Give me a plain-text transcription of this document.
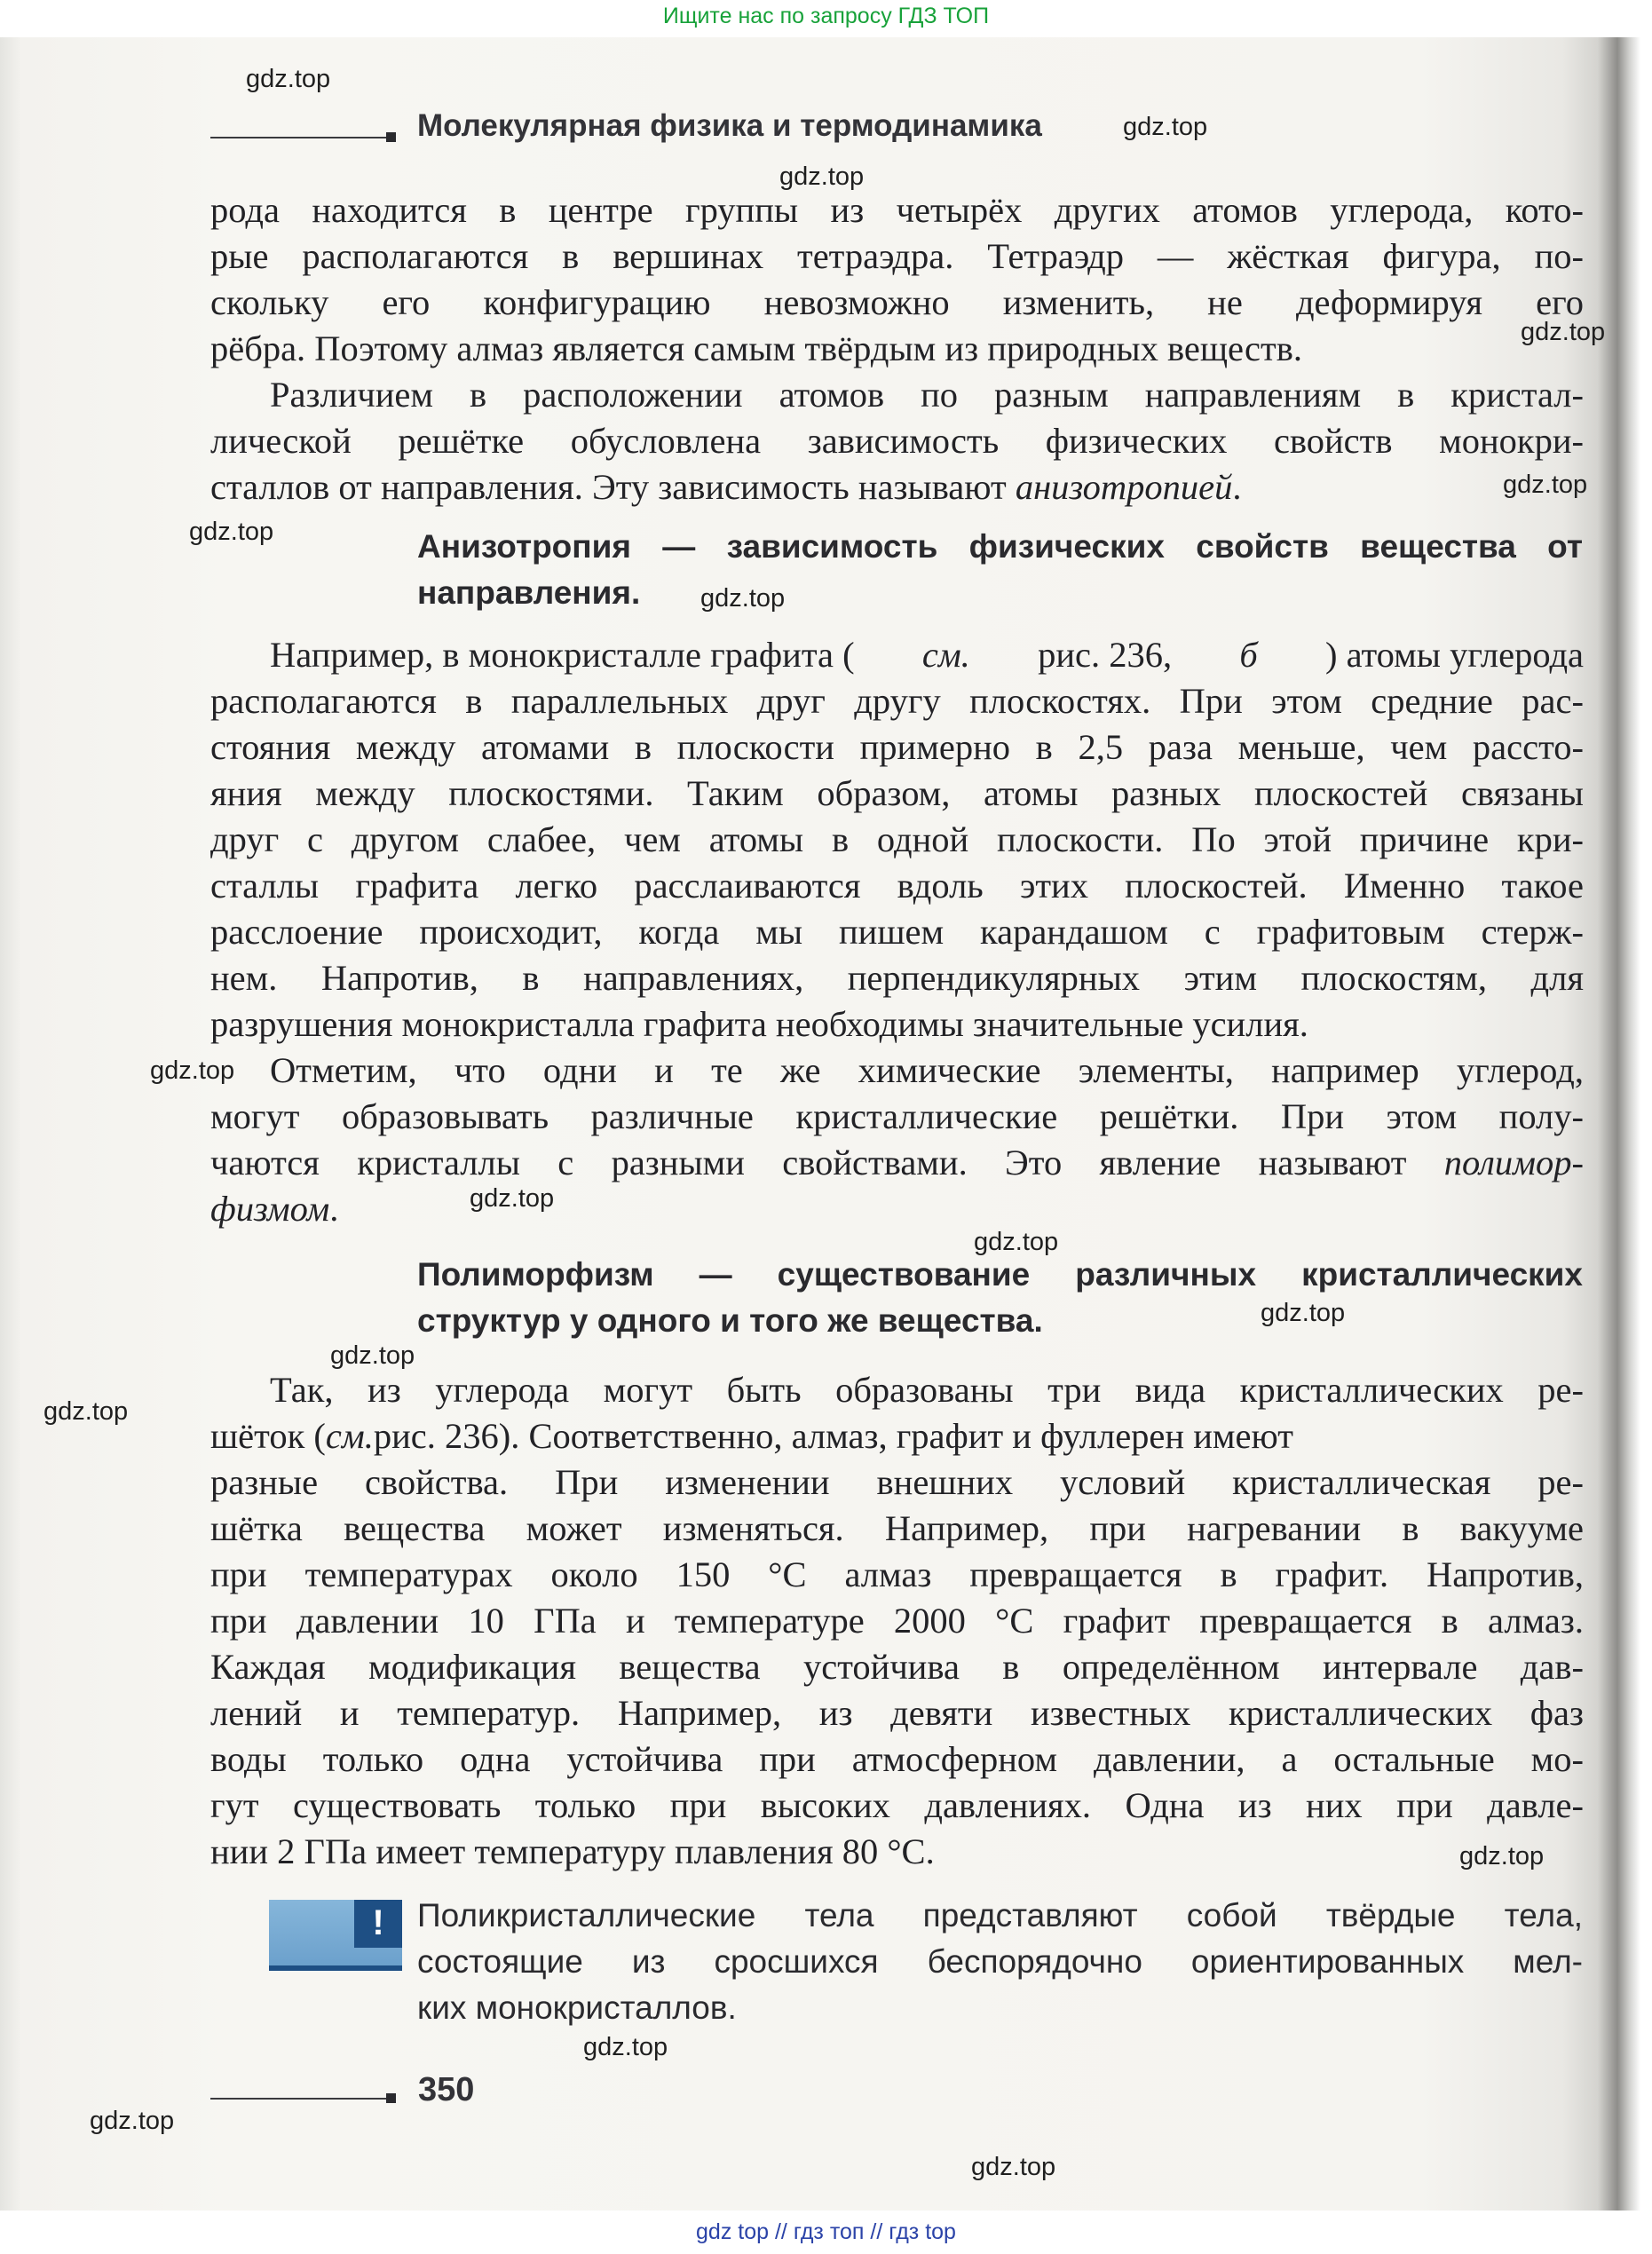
Ищите нас по запросу ГДЗ ТОП
Молекулярная физика и термодинамика
рода находится в центре группы из четырёх других атомов углерода, кото-
рые располагаются в вершинах тетраэдра. Тетраэдр — жёсткая фигура, по-
скольку его конфигурацию невозможно изменить, не деформируя его
рёбра. Поэтому алмаз является самым твёрдым из природных веществ.
Различием в расположении атомов по разным направлениям в кристал-
лической решётке обусловлена зависимость физических свойств монокри-
сталлов от направления. Эту зависимость называют анизотропией.
Анизотропия — зависимость физических свойств вещества от
направления.
Например, в монокристалле графита ( см. рис. 236, б ) атомы углерода
располагаются в параллельных друг другу плоскостях. При этом средние рас-
стояния между атомами в плоскости примерно в 2,5 раза меньше, чем рассто-
яния между плоскостями. Таким образом, атомы разных плоскостей связаны
друг с другом слабее, чем атомы в одной плоскости. По этой причине кри-
сталлы графита легко расслаиваются вдоль этих плоскостей. Именно такое
расслоение происходит, когда мы пишем карандашом с графитовым стерж-
нем. Напротив, в направлениях, перпендикулярных этим плоскостям, для
разрушения монокристалла графита необходимы значительные усилия.
Отметим, что одни и те же химические элементы, например углерод,
могут образовывать различные кристаллические решётки. При этом полу-
чаются кристаллы с разными свойствами. Это явление называют полимор-
физмом.
Полиморфизм — существование различных кристаллических
структур у одного и того же вещества.
Так, из углерода могут быть образованы три вида кристаллических ре-
шёток (см.рис. 236). Соответственно, алмаз, графит и фуллерен имеют
разные свойства. При изменении внешних условий кристаллическая ре-
шётка вещества может изменяться. Например, при нагревании в вакууме
при температурах около 150 °С алмаз превращается в графит. Напротив,
при давлении 10 ГПа и температуре 2000 °С графит превращается в алмаз.
Каждая модификация вещества устойчива в определённом интервале дав-
лений и температур. Например, из девяти известных кристаллических фаз
воды только одна устойчива при атмосферном давлении, а остальные мо-
гут существовать только при высоких давлениях. Одна из них при давле-
нии 2 ГПа имеет температуру плавления 80 °С.
!	Поликристаллические тела представляют собой твёрдые тела,
состоящие из сросшихся беспорядочно ориентированных мел-
ких монокристаллов.
350
gdz.top
gdz.top
gdz.top
gdz.top
gdz.top
gdz.top
gdz.top
gdz.top
gdz.top
gdz.top
gdz.top
gdz.top
gdz.top
gdz.top
gdz.top
gdz.top
gdz.top
gdz top // гдз топ // гдз top
